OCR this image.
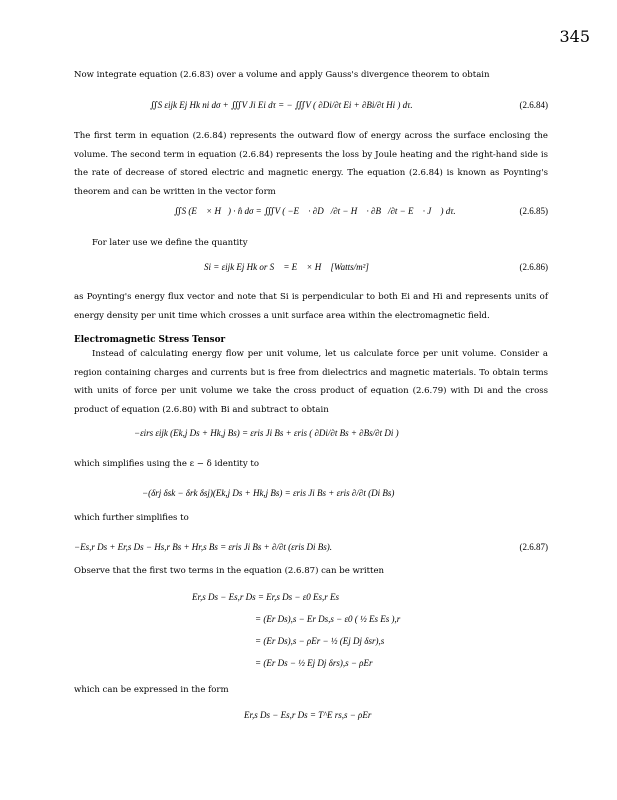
345
Now integrate equation (2.6.83) over a volume and apply Gauss's divergence theorem to obtain
∬S εijk Ej Hk ni dσ + ∭V Ji Ei dτ = − ∭V ( ∂Di/∂t Ei + ∂Bi/∂t Hi ) dτ.	(2.6.84)
The first term in equation (2.6.84) represents the outward flow of energy across the surface enclosing the volume. The second term in equation (2.6.84) represents the loss by Joule heating and the right-hand side is the rate of decrease of stored electric and magnetic energy. The equation (2.6.84) is known as Poynting's theorem and can be written in the vector form
∬S (E⃗ × H⃗) · n̂ dσ = ∭V ( −E⃗ · ∂D⃗/∂t − H⃗ · ∂B⃗/∂t − E⃗ · J⃗ ) dτ.	(2.6.85)
For later use we define the quantity
Si = εijk Ej Hk or S⃗ = E⃗ × H⃗ [Watts/m²]	(2.6.86)
as Poynting's energy flux vector and note that Si is perpendicular to both Ei and Hi and represents units of energy density per unit time which crosses a unit surface area within the electromagnetic field.
Electromagnetic Stress Tensor
Instead of calculating energy flow per unit volume, let us calculate force per unit volume. Consider a region containing charges and currents but is free from dielectrics and magnetic materials. To obtain terms with units of force per unit volume we take the cross product of equation (2.6.79) with Di and the cross product of equation (2.6.80) with Bi and subtract to obtain
−εirs εijk (Ek,j Ds + Hk,j Bs) = εris Ji Bs + εris ( ∂Di/∂t Bs + ∂Bs/∂t Di )
which simplifies using the ε − δ identity to
−(δrj δsk − δrk δsj)(Ek,j Ds + Hk,j Bs) = εris Ji Bs + εris ∂/∂t (Di Bs)
which further simplifies to
−Es,r Ds + Er,s Ds − Hs,r Bs + Hr,s Bs = εris Ji Bs + ∂/∂t (εris Di Bs).	(2.6.87)
Observe that the first two terms in the equation (2.6.87) can be written
Er,s Ds − Es,r Ds = Er,s Ds − ε0 Es,r Es
= (Er Ds),s − Er Ds,s − ε0 ( ½ Es Es ),r
= (Er Ds),s − ρEr − ½ (Ej Dj δsr),s
= (Er Ds − ½ Ej Dj δrs),s − ρEr
which can be expressed in the form
Er,s Ds − Es,r Ds = T^E rs,s − ρEr
